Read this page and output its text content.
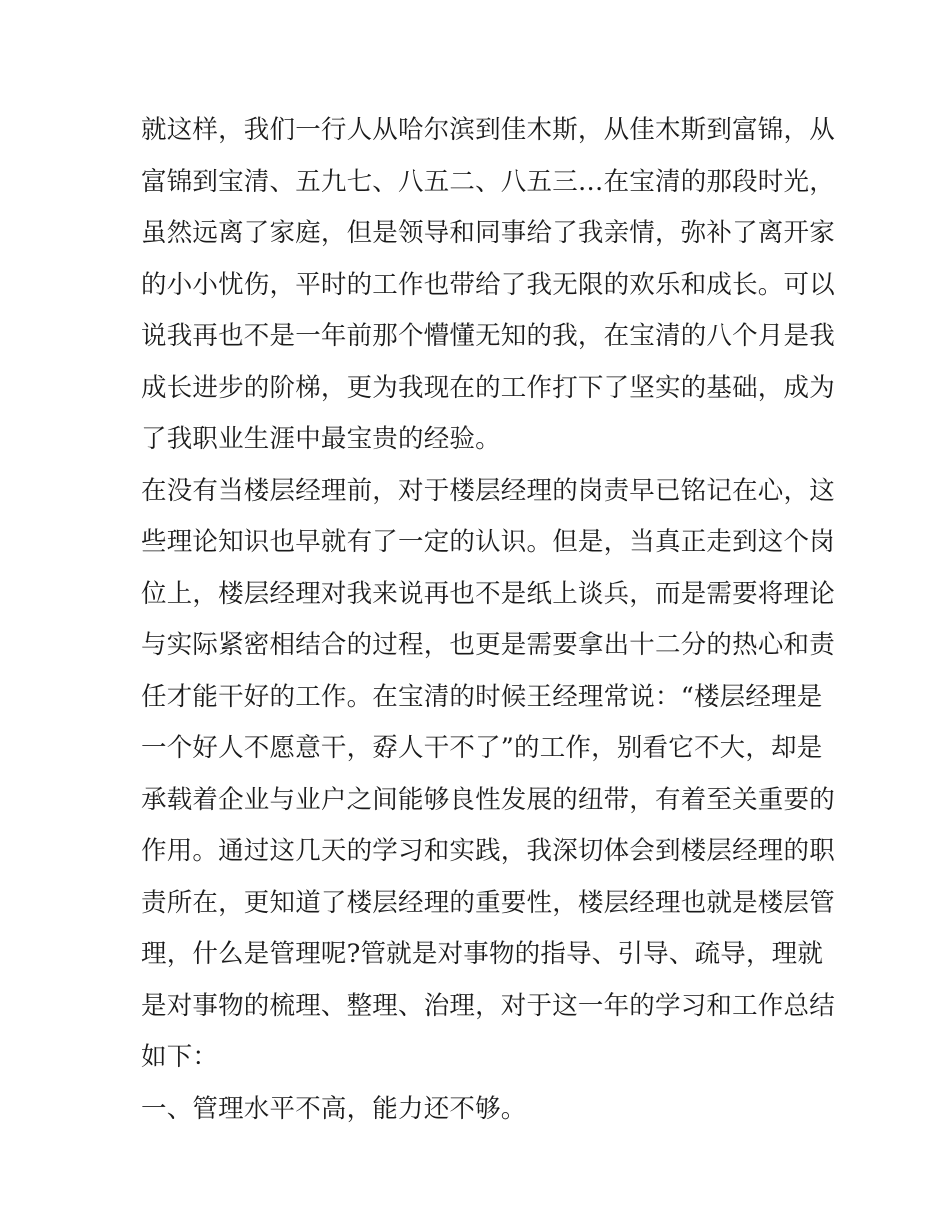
就这样，我们一行人从哈尔滨到佳木斯，从佳木斯到富锦，从

富锦到宝清、五九七、八五二、八五三…在宝清的那段时光，

虽然远离了家庭，但是领导和同事给了我亲情，弥补了离开家

的小小忧伤，平时的工作也带给了我无限的欢乐和成长。可以

说我再也不是一年前那个懵懂无知的我，在宝清的八个月是我

成长进步的阶梯，更为我现在的工作打下了坚实的基础，成为

了我职业生涯中最宝贵的经验。

在没有当楼层经理前，对于楼层经理的岗责早已铭记在心，这

些理论知识也早就有了一定的认识。但是，当真正走到这个岗

位上，楼层经理对我来说再也不是纸上谈兵，而是需要将理论

与实际紧密相结合的过程，也更是需要拿出十二分的热心和责

任才能干好的工作。在宝清的时候王经理常说：“楼层经理是

一个好人不愿意干，孬人干不了”的工作，别看它不大，却是

承载着企业与业户之间能够良性发展的纽带，有着至关重要的

作用。通过这几天的学习和实践，我深切体会到楼层经理的职

责所在，更知道了楼层经理的重要性，楼层经理也就是楼层管

理，什么是管理呢?管就是对事物的指导、引导、疏导，理就

是对事物的梳理、整理、治理，对于这一年的学习和工作总结

如下：

一、管理水平不高，能力还不够。
